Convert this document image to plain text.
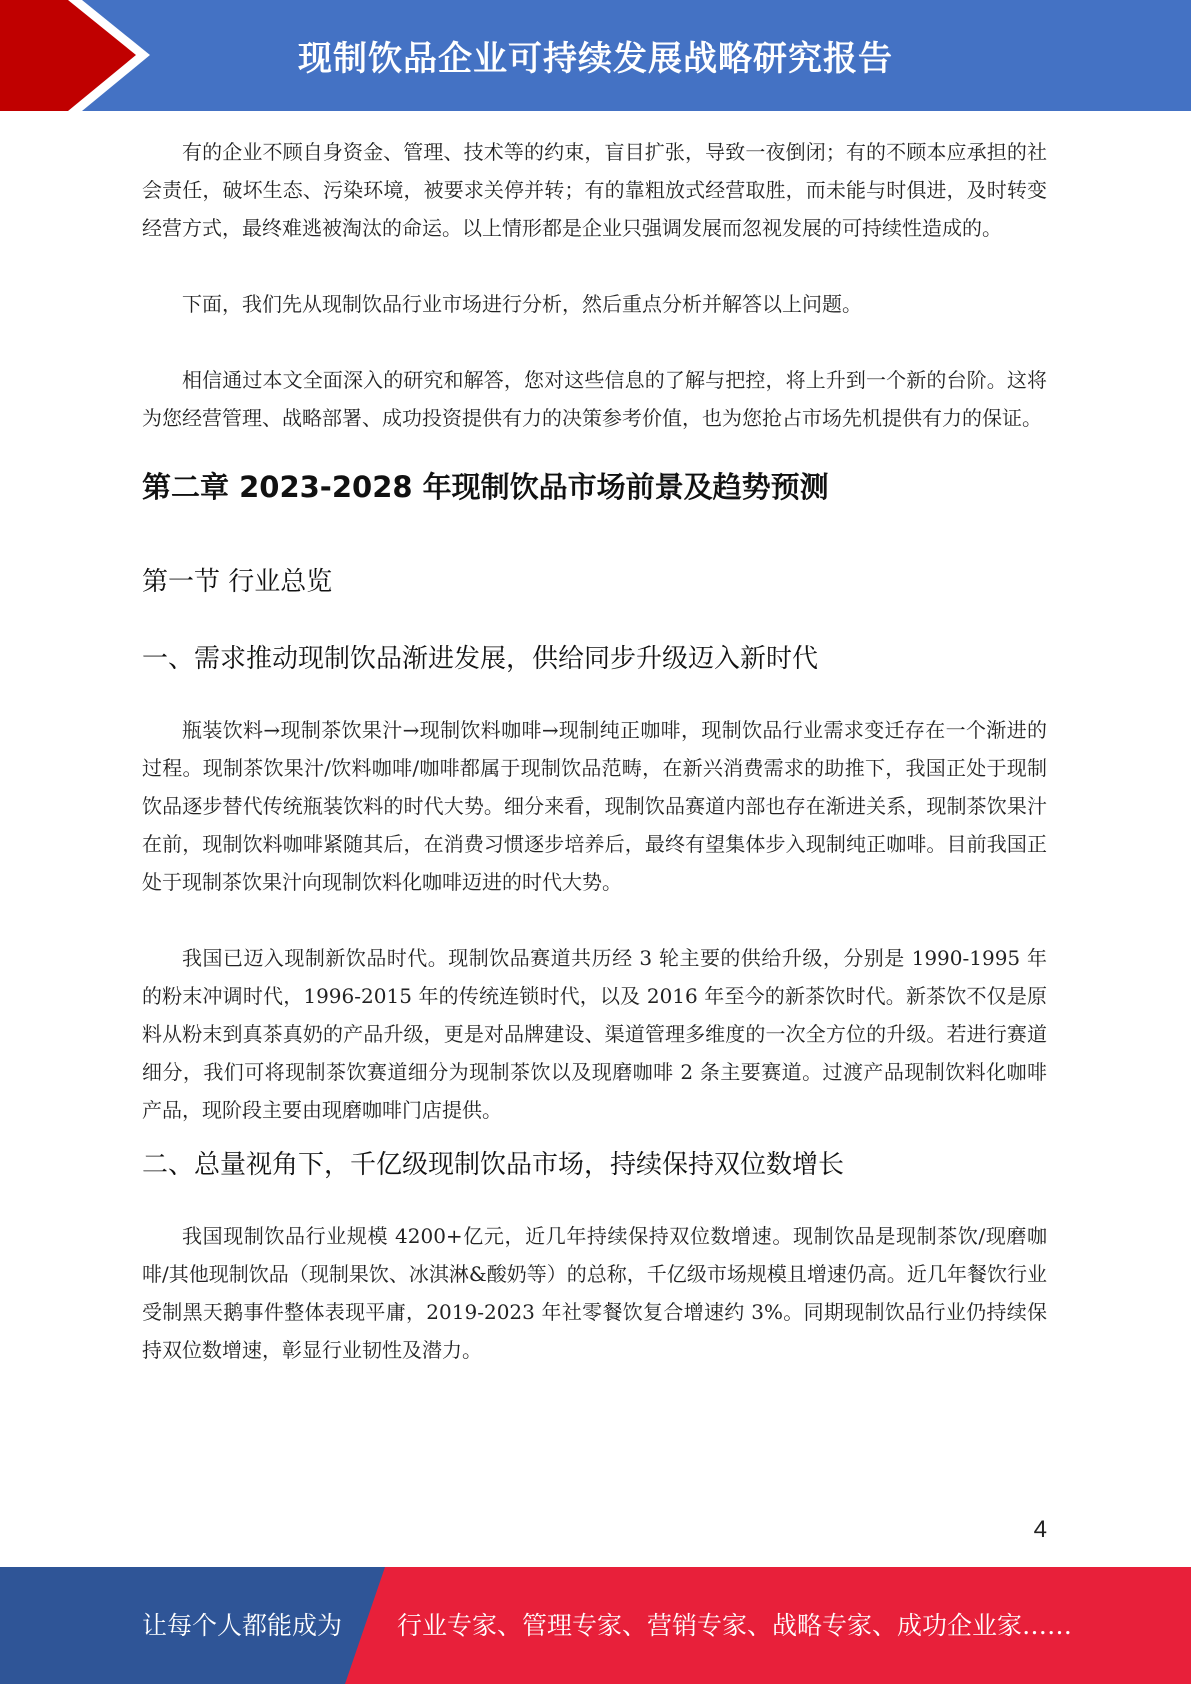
现制饮品企业可持续发展战略研究报告

有的企业不顾自身资金、管理、技术等的约束，盲目扩张，导致一夜倒闭；有的不顾本应承担的社会责任，破坏生态、污染环境，被要求关停并转；有的靠粗放式经营取胜，而未能与时俱进，及时转变经营方式，最终难逃被淘汰的命运。以上情形都是企业只强调发展而忽视发展的可持续性造成的。

下面，我们先从现制饮品行业市场进行分析，然后重点分析并解答以上问题。

相信通过本文全面深入的研究和解答，您对这些信息的了解与把控，将上升到一个新的台阶。这将为您经营管理、战略部署、成功投资提供有力的决策参考价值，也为您抢占市场先机提供有力的保证。

第二章 2023-2028 年现制饮品市场前景及趋势预测
第一节 行业总览
一、需求推动现制饮品渐进发展，供给同步升级迈入新时代

瓶装饮料→现制茶饮果汁→现制饮料咖啡→现制纯正咖啡，现制饮品行业需求变迁存在一个渐进的过程。现制茶饮果汁/饮料咖啡/咖啡都属于现制饮品范畴，在新兴消费需求的助推下，我国正处于现制饮品逐步替代传统瓶装饮料的时代大势。细分来看，现制饮品赛道内部也存在渐进关系，现制茶饮果汁在前，现制饮料咖啡紧随其后，在消费习惯逐步培养后，最终有望集体步入现制纯正咖啡。目前我国正处于现制茶饮果汁向现制饮料化咖啡迈进的时代大势。

我国已迈入现制新饮品时代。现制饮品赛道共历经 3 轮主要的供给升级，分别是 1990-1995 年的粉末冲调时代，1996-2015 年的传统连锁时代，以及 2016 年至今的新茶饮时代。新茶饮不仅是原料从粉末到真茶真奶的产品升级，更是对品牌建设、渠道管理多维度的一次全方位的升级。若进行赛道细分，我们可将现制茶饮赛道细分为现制茶饮以及现磨咖啡 2 条主要赛道。过渡产品现制饮料化咖啡产品，现阶段主要由现磨咖啡门店提供。

二、总量视角下，千亿级现制饮品市场，持续保持双位数增长

我国现制饮品行业规模 4200+亿元，近几年持续保持双位数增速。现制饮品是现制茶饮/现磨咖啡/其他现制饮品（现制果饮、冰淇淋&酸奶等）的总称，千亿级市场规模且增速仍高。近几年餐饮行业受制黑天鹅事件整体表现平庸，2019-2023 年社零餐饮复合增速约 3%。同期现制饮品行业仍持续保持双位数增速，彰显行业韧性及潜力。

4
让每个人都能成为 行业专家、管理专家、营销专家、战略专家、成功企业家……
